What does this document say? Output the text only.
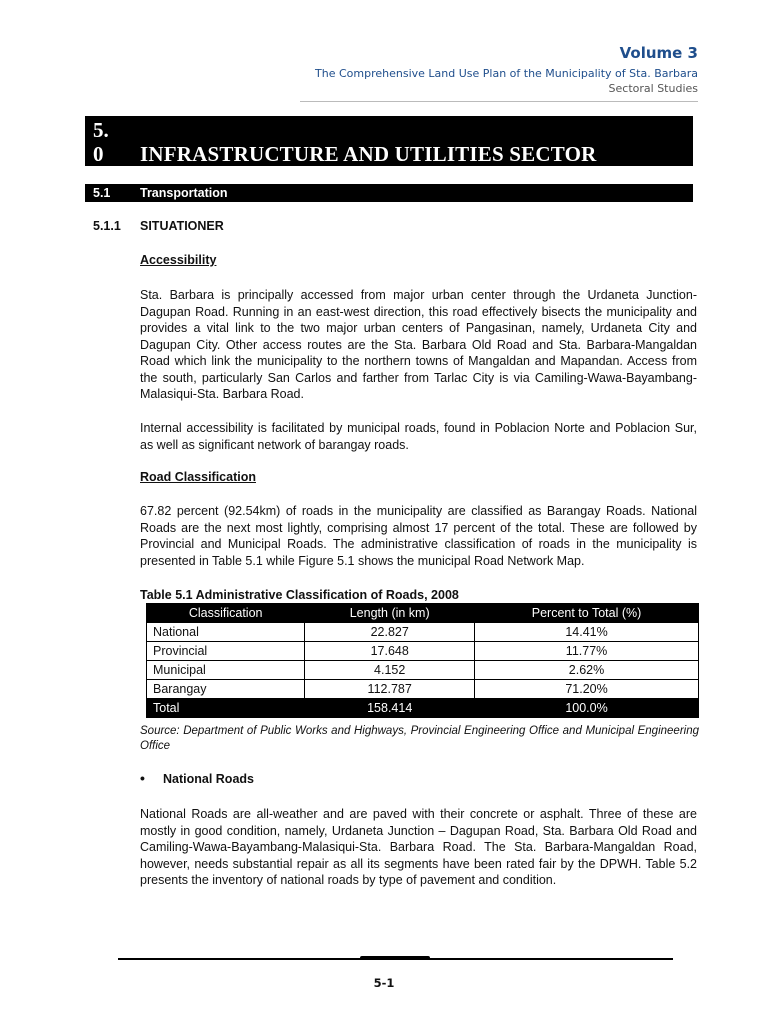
Volume 3
The Comprehensive Land Use Plan of the Municipality of Sta. Barbara
Sectoral Studies
5.
0 INFRASTRUCTURE AND UTILITIES SECTOR
5.1 Transportation
5.1.1 SITUATIONER
Accessibility

Sta. Barbara is principally accessed from major urban center through the Urdaneta Junction-Dagupan Road. Running in an east-west direction, this road effectively bisects the municipality and provides a vital link to the two major urban centers of Pangasinan, namely, Urdaneta City and Dagupan City. Other access routes are the Sta. Barbara Old Road and Sta. Barbara-Mangaldan Road which link the municipality to the northern towns of Mangaldan and Mapandan. Access from the south, particularly San Carlos and farther from Tarlac City is via Camiling-Wawa-Bayambang-Malasiqui-Sta. Barbara Road.

Internal accessibility is facilitated by municipal roads, found in Poblacion Norte and Poblacion Sur, as well as significant network of barangay roads.

Road Classification

67.82 percent (92.54km) of roads in the municipality are classified as Barangay Roads. National Roads are the next most lightly, comprising almost 17 percent of the total. These are followed by Provincial and Municipal Roads. The administrative classification of roads in the municipality is presented in Table 5.1 while Figure 5.1 shows the municipal Road Network Map.

Table 5.1 Administrative Classification of Roads, 2008
Classification	Length (in km)	Percent to Total (%)
National	22.827	14.41%
Provincial	17.648	11.77%
Municipal	4.152	2.62%
Barangay	112.787	71.20%
Total	158.414	100.0%
Source: Department of Public Works and Highways, Provincial Engineering Office and Municipal Engineering Office
• National Roads

National Roads are all-weather and are paved with their concrete or asphalt. Three of these are mostly in good condition, namely, Urdaneta Junction – Dagupan Road, Sta. Barbara Old Road and Camiling-Wawa-Bayambang-Malasiqui-Sta. Barbara Road. The Sta. Barbara-Mangaldan Road, however, needs substantial repair as all its segments have been rated fair by the DPWH. Table 5.2 presents the inventory of national roads by type of pavement and condition.

5-1
